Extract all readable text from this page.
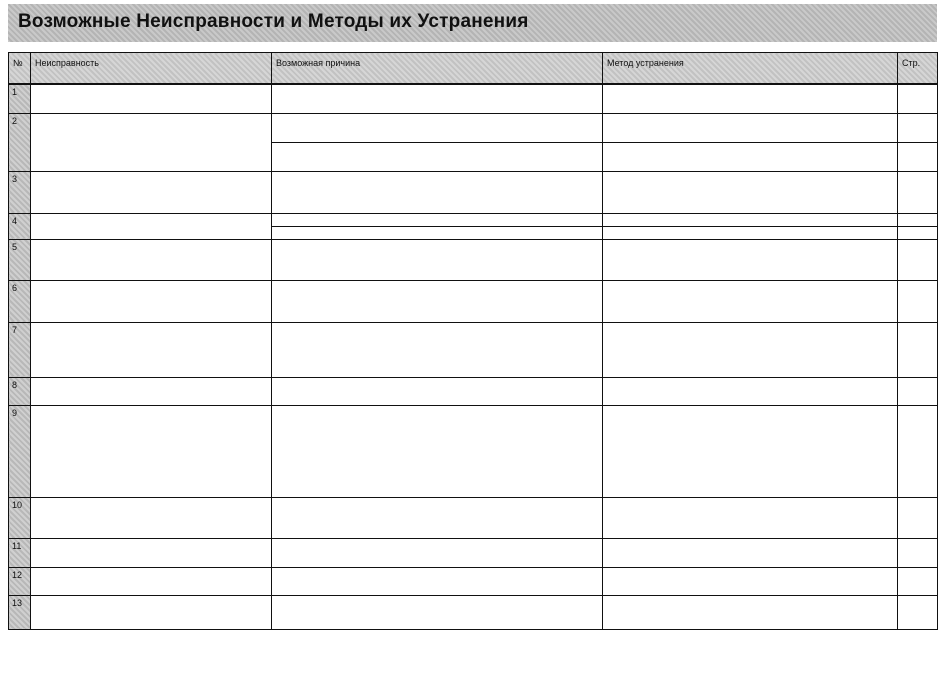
Возможные Неисправности и Методы их Устранения
№	Неисправность	Возможная причина	Метод устранения	Стр.

1				

2				

3				

4				

5				

6				

7				

8				

9				

10				

11				

12				

13				
